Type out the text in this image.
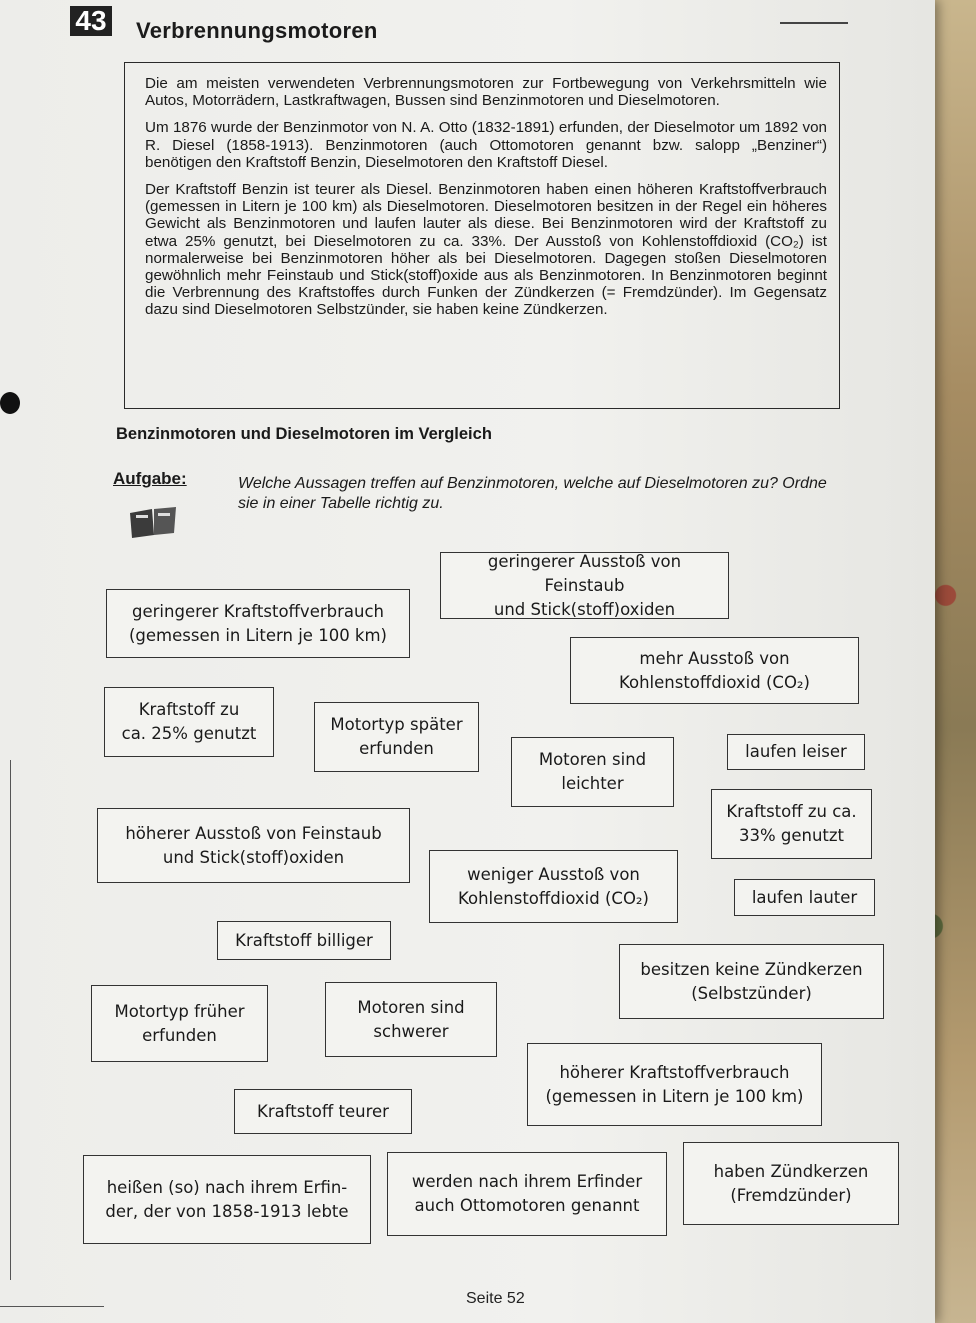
43 Verbrennungsmotoren

Die am meisten verwendeten Verbrennungsmotoren zur Fortbewegung von Verkehrsmitteln wie Autos, Motorrädern, Lastkraftwagen, Bussen sind Benzinmotoren und Dieselmotoren.

Um 1876 wurde der Benzinmotor von N. A. Otto (1832-1891) erfunden, der Dieselmotor um 1892 von R. Diesel (1858-1913). Benzinmotoren (auch Ottomotoren genannt bzw. salopp „Benziner“) benötigen den Kraftstoff Benzin, Dieselmotoren den Kraftstoff Diesel.

Der Kraftstoff Benzin ist teurer als Diesel. Benzinmotoren haben einen höheren Kraftstoffverbrauch (gemessen in Litern je 100 km) als Dieselmotoren. Dieselmotoren besitzen in der Regel ein höheres Gewicht als Benzinmotoren und laufen lauter als diese. Bei Benzinmotoren wird der Kraftstoff zu etwa 25% genutzt, bei Dieselmotoren zu ca. 33%. Der Ausstoß von Kohlenstoffdioxid (CO₂) ist normalerweise bei Benzinmotoren höher als bei Dieselmotoren. Dagegen stoßen Dieselmotoren gewöhnlich mehr Feinstaub und Stick(stoff)oxide aus als Benzinmotoren. In Benzinmotoren beginnt die Verbrennung des Kraftstoffes durch Funken der Zündkerzen (= Fremdzünder). Im Gegensatz dazu sind Dieselmotoren Selbstzünder, sie haben keine Zündkerzen.

Benzinmotoren und Dieselmotoren im Vergleich
Aufgabe:	Welche Aussagen treffen auf Benzinmotoren, welche auf Dieselmotoren zu? Ordne sie in einer Tabelle richtig zu.
geringerer Ausstoß von Feinstaub
und Stick(stoff)oxiden
geringerer Kraftstoffverbrauch
(gemessen in Litern je 100 km)
mehr Ausstoß von
Kohlenstoffdioxid (CO₂)
Kraftstoff zu
ca. 25% genutzt	Motortyp später
erfunden
Motoren sind
leichter
laufen leiser
Kraftstoff zu ca.
33% genutzt
höherer Ausstoß von Feinstaub
und Stick(stoff)oxiden
weniger Ausstoß von
Kohlenstoffdioxid (CO₂)	laufen lauter
Kraftstoff billiger
besitzen keine Zündkerzen
(Selbstzünder)
Motortyp früher
erfunden
Motoren sind
schwerer
höherer Kraftstoffverbrauch
(gemessen in Litern je 100 km)
Kraftstoff teurer
heißen (so) nach ihrem Erfin-
der, der von 1858-1913 lebte
werden nach ihrem Erfinder
auch Ottomotoren genannt
haben Zündkerzen
(Fremdzünder)
Seite 52
